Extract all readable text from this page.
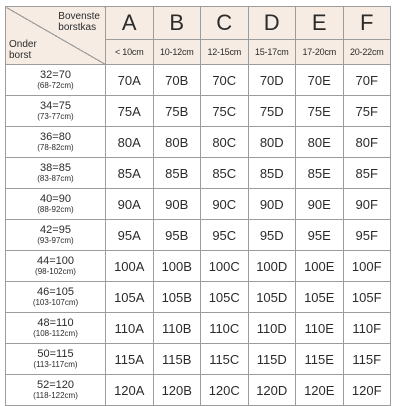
Bovenste
borstkas
Onder
borst	A	B	C	D	E	F
	< 10cm	10-12cm	12-15cm	15-17cm	17-20cm	20-22cm

32=70
(68-72cm)	70A	70B	70C	70D	70E	70F

34=75
(73-77cm)	75A	75B	75C	75D	75E	75F

36=80
(78-82cm)	80A	80B	80C	80D	80E	80F

38=85
(83-87cm)	85A	85B	85C	85D	85E	85F

40=90
(88-92cm)	90A	90B	90C	90D	90E	90F

42=95
(93-97cm)	95A	95B	95C	95D	95E	95F

44=100
(98-102cm)	100A	100B	100C	100D	100E	100F

46=105
(103-107cm)	105A	105B	105C	105D	105E	105F

48=110
(108-112cm)	110A	110B	110C	110D	110E	110F

50=115
(113-117cm)	115A	115B	115C	115D	115E	115F

52=120
(118-122cm)	120A	120B	120C	120D	120E	120F
